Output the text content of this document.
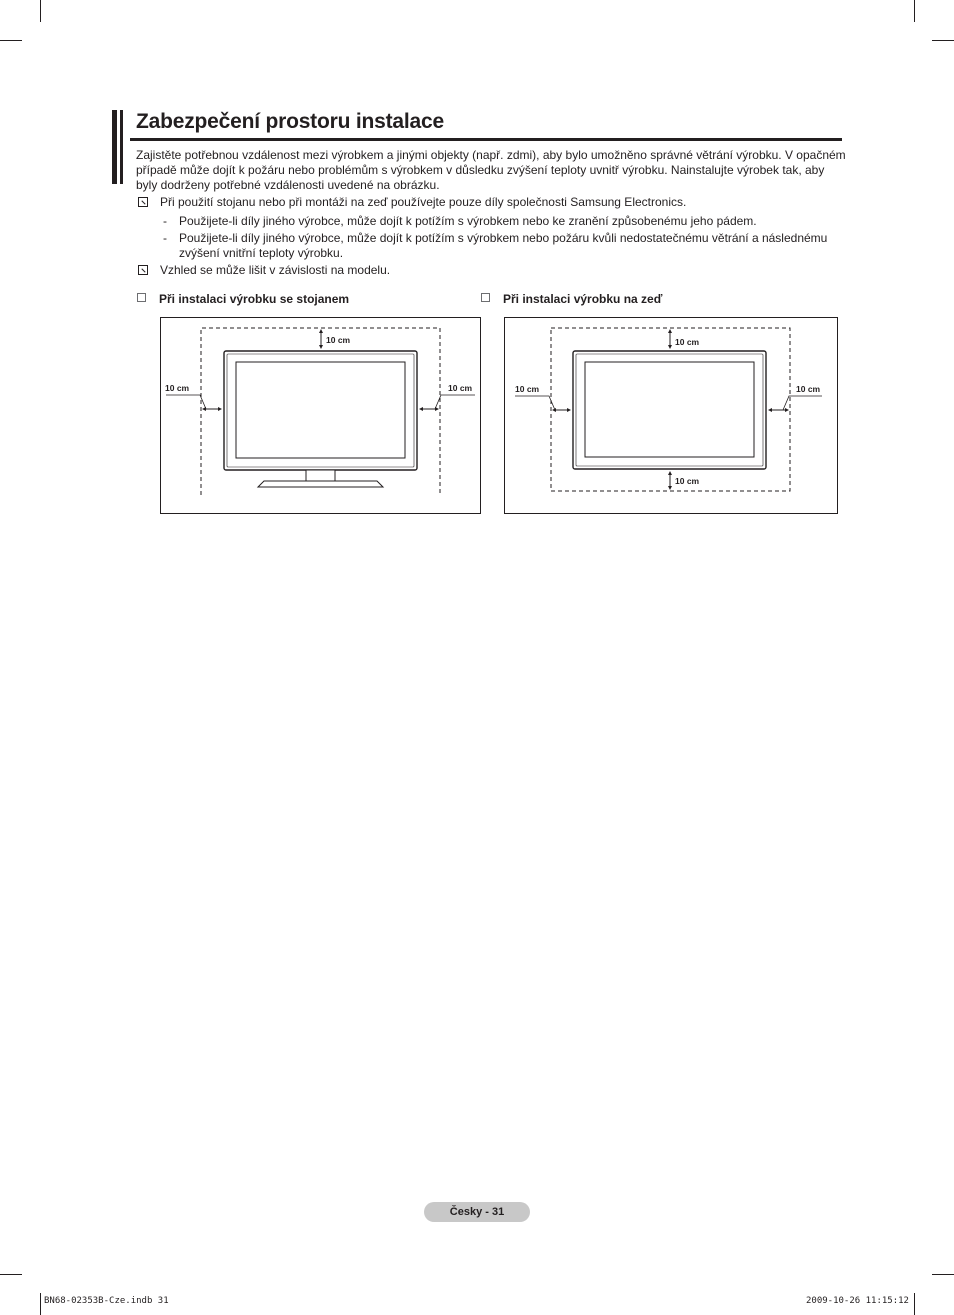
Zabezpečení prostoru instalace

Zajistěte potřebnou vzdálenost mezi výrobkem a jinými objekty (např. zdmi), aby bylo umožněno správné větrání výrobku. V opačném případě může dojít k požáru nebo problémům s výrobkem v důsledku zvýšení teploty uvnitř výrobku. Nainstalujte výrobek tak, aby byly dodrženy potřebné vzdálenosti uvedené na obrázku.

Při použití stojanu nebo při montáži na zeď používejte pouze díly společnosti Samsung Electronics.
- Použijete-li díly jiného výrobce, může dojít k potížím s výrobkem nebo ke zranění způsobenému jeho pádem.
- Použijete-li díly jiného výrobce, může dojít k potížím s výrobkem nebo požáru kvůli nedostatečnému větrání a následnému zvýšení vnitřní teploty výrobku.
Vzhled se může lišit v závislosti na modelu.
Při instalaci výrobku se stojanem	Při instalaci výrobku na zeď
10 cm
10 cm	10 cm
10 cm
10 cm	10 cm
10 cm
Česky - 31
BN68-02353B-Cze.indb 31	2009-10-26 11:15:12
